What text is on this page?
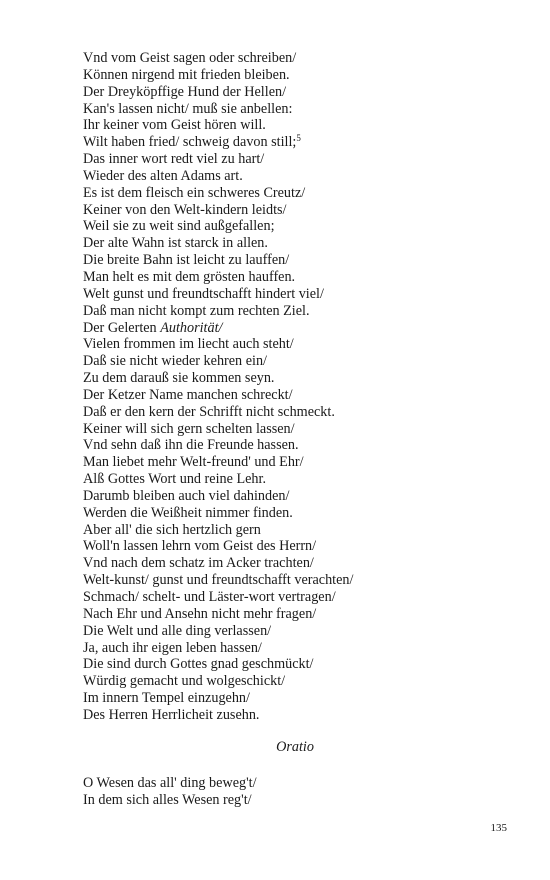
Vnd vom Geist sagen oder schreiben/
Können nirgend mit frieden bleiben.
Der Dreyköpffige Hund der Hellen/
Kan's lassen nicht/ muß sie anbellen:
Ihr keiner vom Geist hören will.
Wilt haben fried/ schweig davon still;$^5$
Das inner wort redt viel zu hart/
Wieder des alten Adams art.
Es ist dem fleisch ein schweres Creutz/
Keiner von den Welt-kindern leidts/
Weil sie zu weit sind außgefallen;
Der alte Wahn ist starck in allen.
Die breite Bahn ist leicht zu lauffen/
Man helt es mit dem grösten hauffen.
Welt gunst und freundtschafft hindert viel/
Daß man nicht kompt zum rechten Ziel.
Der Gelerten Authorität/
Vielen frommen im liecht auch steht/
Daß sie nicht wieder kehren ein/
Zu dem darauß sie kommen seyn.
Der Ketzer Name manchen schreckt/
Daß er den kern der Schrifft nicht schmeckt.
Keiner will sich gern schelten lassen/
Vnd sehn daß ihn die Freunde hassen.
Man liebet mehr Welt-freund' und Ehr/
Alß Gottes Wort und reine Lehr.
Darumb bleiben auch viel dahinden/
Werden die Weißheit nimmer finden.
Aber all' die sich hertzlich gern
Woll'n lassen lehrn vom Geist des Herrn/
Vnd nach dem schatz im Acker trachten/
Welt-kunst/ gunst und freundtschafft verachten/
Schmach/ schelt- und Läster-wort vertragen/
Nach Ehr und Ansehn nicht mehr fragen/
Die Welt und alle ding verlassen/
Ja, auch ihr eigen leben hassen/
Die sind durch Gottes gnad geschmückt/
Würdig gemacht und wolgeschickt/
Im innern Tempel einzugehn/
Des Herren Herrlicheit zusehn.
Oratio
O Wesen das all' ding beweg't/
In dem sich alles Wesen reg't/
135
